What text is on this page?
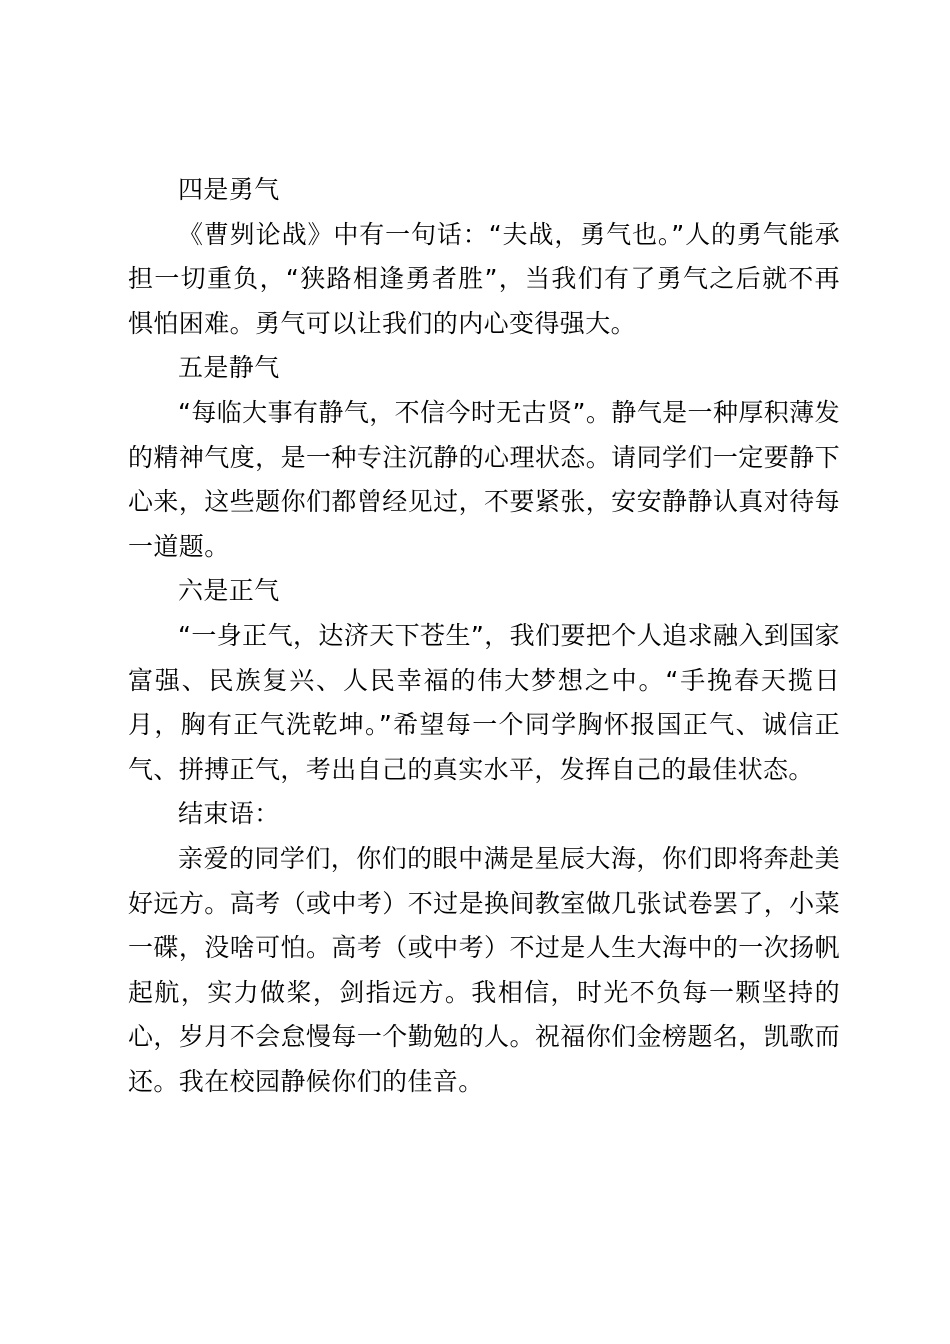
四是勇气

《曹刿论战》中有一句话：“夫战，勇气也。”人的勇气能承担一切重负，“狭路相逢勇者胜”，当我们有了勇气之后就不再惧怕困难。勇气可以让我们的内心变得强大。

五是静气

“每临大事有静气，不信今时无古贤”。静气是一种厚积薄发的精神气度，是一种专注沉静的心理状态。请同学们一定要静下心来，这些题你们都曾经见过，不要紧张，安安静静认真对待每一道题。

六是正气

“一身正气，达济天下苍生”，我们要把个人追求融入到国家富强、民族复兴、人民幸福的伟大梦想之中。“手挽春天揽日月，胸有正气洗乾坤。”希望每一个同学胸怀报国正气、诚信正气、拼搏正气，考出自己的真实水平，发挥自己的最佳状态。

结束语：

亲爱的同学们，你们的眼中满是星辰大海，你们即将奔赴美好远方。高考（或中考）不过是换间教室做几张试卷罢了，小菜一碟，没啥可怕。高考（或中考）不过是人生大海中的一次扬帆起航，实力做桨，剑指远方。我相信，时光不负每一颗坚持的心，岁月不会怠慢每一个勤勉的人。祝福你们金榜题名，凯歌而还。我在校园静候你们的佳音。
